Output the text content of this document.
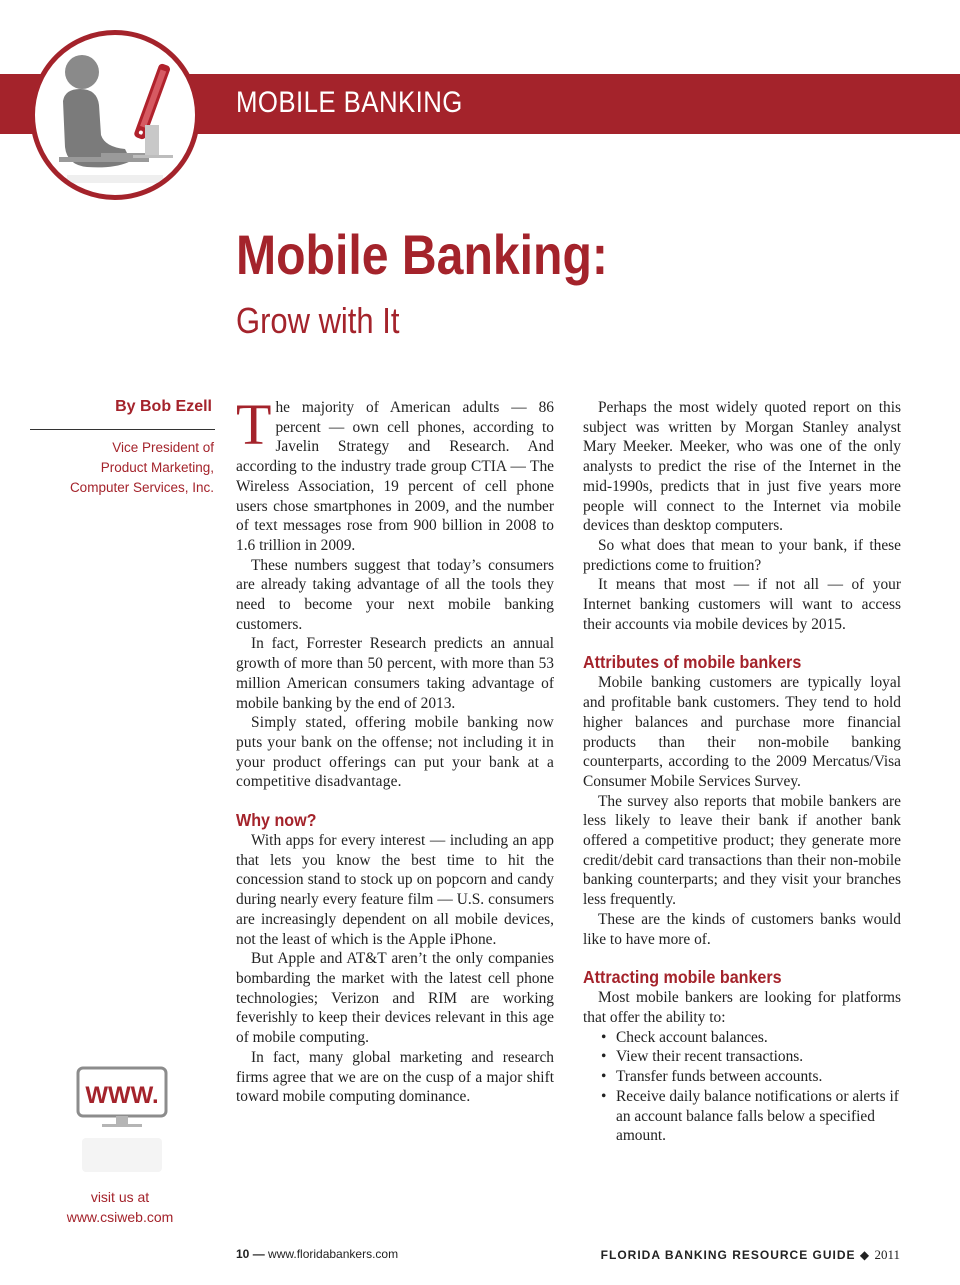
MOBILE BANKING
Mobile Banking:
Grow with It
By Bob Ezell
Vice President of
Product Marketing,
Computer Services, Inc.

The majority of American adults — 86 percent — own cell phones, according to Javelin Strategy and Research. And according to the industry trade group CTIA — The Wireless Association, 19 percent of cell phone users chose smartphones in 2009, and the number of text messages rose from 900 billion in 2008 to 1.6 trillion in 2009.

These numbers suggest that today’s consumers are already taking advantage of all the tools they need to become your next mobile banking customers.

In fact, Forrester Research predicts an annual growth of more than 50 percent, with more than 53 million American consumers taking advantage of mobile banking by the end of 2013.

Simply stated, offering mobile banking now puts your bank on the offense; not including it in your product offerings can put your bank at a competitive disadvantage.

Why now?

With apps for every interest — including an app that lets you know the best time to hit the concession stand to stock up on popcorn and candy during nearly every feature film — U.S. consumers are increasingly dependent on all mobile devices, not the least of which is the Apple iPhone.

But Apple and AT&T aren’t the only companies bombarding the market with the latest cell phone technologies; Verizon and RIM are working feverishly to keep their devices relevant in this age of mobile computing.

In fact, many global marketing and research firms agree that we are on the cusp of a major shift toward mobile computing dominance.

Perhaps the most widely quoted report on this subject was written by Morgan Stanley analyst Mary Meeker. Meeker, who was one of the only analysts to predict the rise of the Internet in the mid-1990s, predicts that in just five years more people will connect to the Internet via mobile devices than desktop computers.

So what does that mean to your bank, if these predictions come to fruition?

It means that most — if not all — of your Internet banking customers will want to access their accounts via mobile devices by 2015.

Attributes of mobile bankers

Mobile banking customers are typically loyal and profitable bank customers. They tend to hold higher balances and purchase more financial products than their non-mobile banking counterparts, according to the 2009 Mercatus/Visa Consumer Mobile Services Survey.

The survey also reports that mobile bankers are less likely to leave their bank if another bank offered a competitive product; they generate more credit/debit card transactions than their non-mobile banking counterparts; and they visit your branches less frequently.

These are the kinds of customers banks would like to have more of.

Attracting mobile bankers

Most mobile bankers are looking for platforms that offer the ability to:

• Check account balances.
• View their recent transactions.
• Transfer funds between accounts.
• Receive daily balance notifications or alerts if an account balance falls below a specified amount.
WWW.
visit us at
www.csiweb.com
10 — www.floridabankers.com	FLORIDA BANKING RESOURCE GUIDE ◆ 2011
